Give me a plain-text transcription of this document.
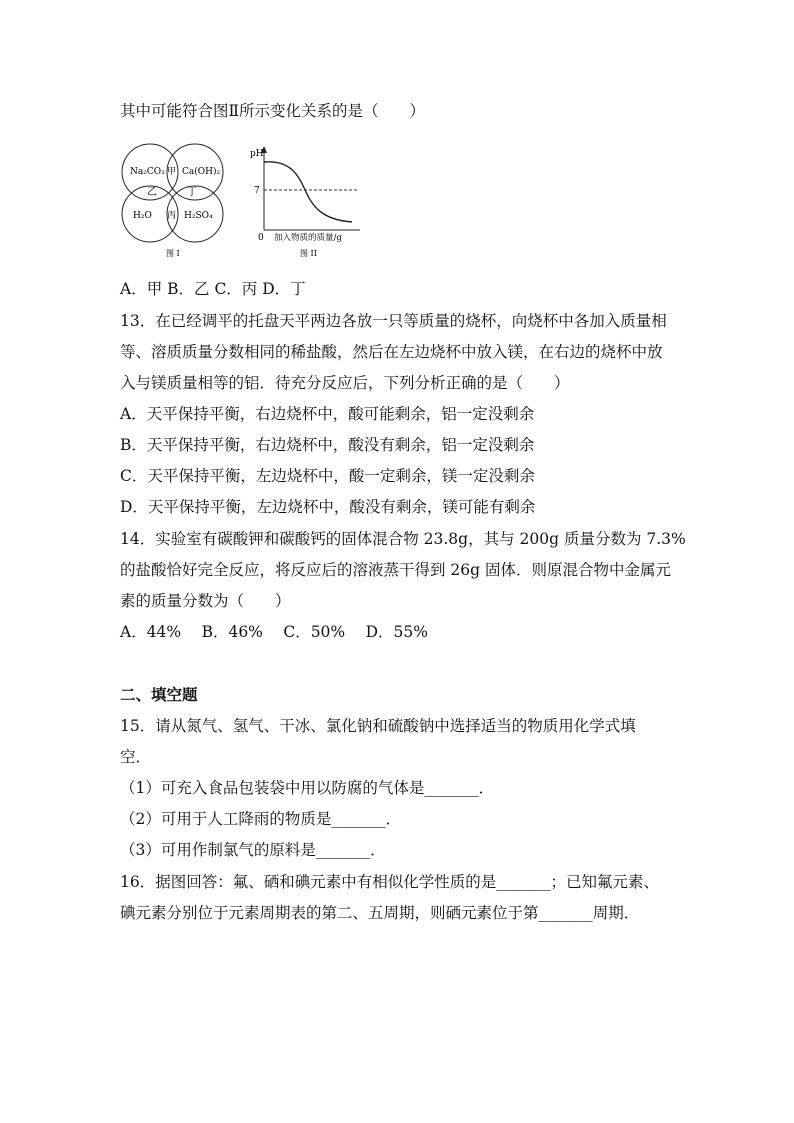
其中可能符合图Ⅱ所示变化关系的是（　　）
Na₂CO₃ Ca(OH)₂
甲
乙	丁
H₂O 丙 H₂SO₄
图 I
pH
7
0 加入物质的质量/g
图 II
A．甲 B．乙 C．丙 D．丁
13．在已经调平的托盘天平两边各放一只等质量的烧杯，向烧杯中各加入质量相
等、溶质质量分数相同的稀盐酸，然后在左边烧杯中放入镁，在右边的烧杯中放
入与镁质量相等的铝．待充分反应后，下列分析正确的是（　　）
A．天平保持平衡，右边烧杯中，酸可能剩余，铝一定没剩余
B．天平保持平衡，右边烧杯中，酸没有剩余，铝一定没剩余
C．天平保持平衡，左边烧杯中，酸一定剩余，镁一定没剩余
D．天平保持平衡，左边烧杯中，酸没有剩余，镁可能有剩余
14．实验室有碳酸钾和碳酸钙的固体混合物 23.8g，其与 200g 质量分数为 7.3%
的盐酸恰好完全反应，将反应后的溶液蒸干得到 26g 固体．则原混合物中金属元
素的质量分数为（　　）
A．44%　 B．46%　 C．50%　 D．55%
二、填空题
15．请从氮气、氢气、干冰、氯化钠和硫酸钠中选择适当的物质用化学式填
空．
（1）可充入食品包装袋中用以防腐的气体是_______．
（2）可用于人工降雨的物质是_______．
（3）可用作制氯气的原料是_______．
16．据图回答：氟、硒和碘元素中有相似化学性质的是_______；已知氟元素、
碘元素分别位于元素周期表的第二、五周期，则硒元素位于第_______周期．
